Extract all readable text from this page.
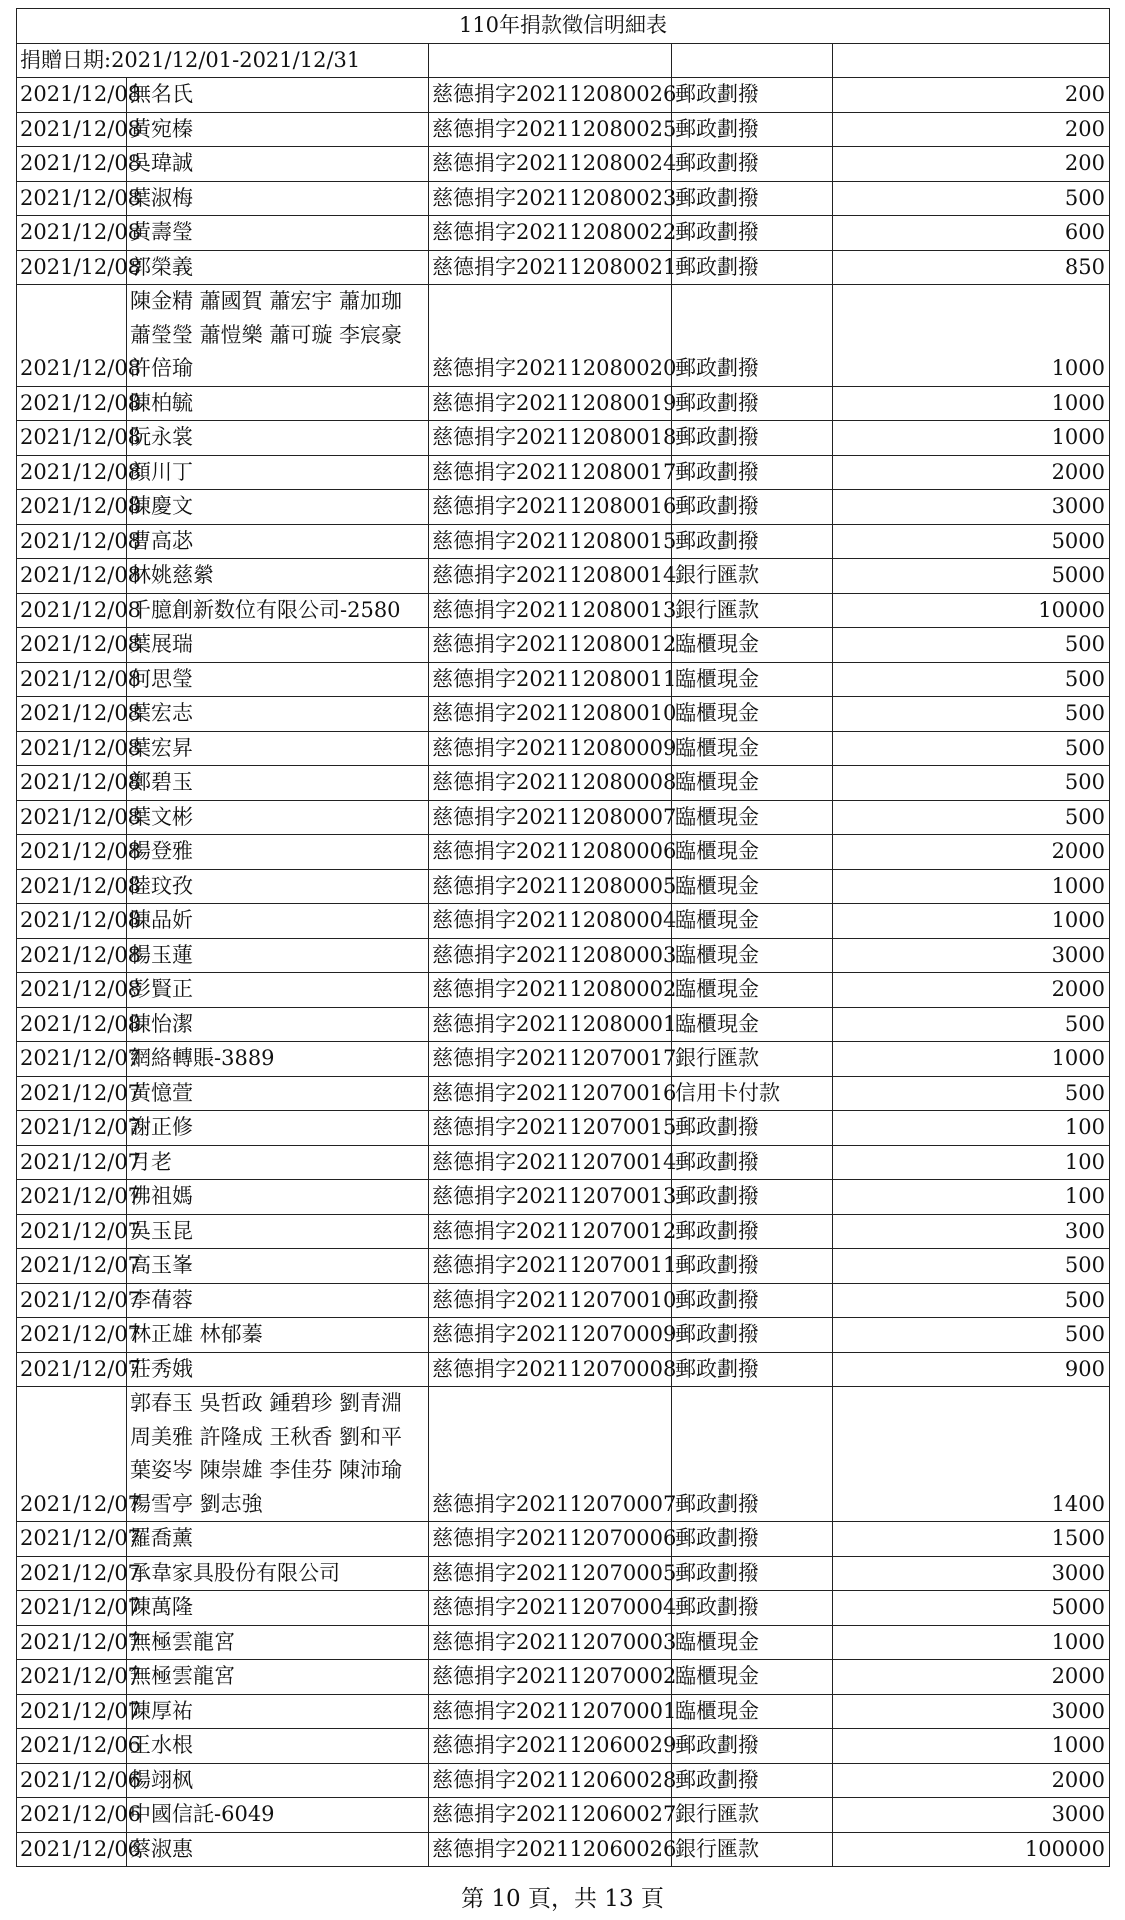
110年捐款徵信明細表				
捐贈日期:2021/12/01-2021/12/31				
2021/12/08	無名氏	慈德捐字202112080026	郵政劃撥	200
2021/12/08	黃宛榛	慈德捐字202112080025	郵政劃撥	200
2021/12/08	吳瑋誠	慈德捐字202112080024	郵政劃撥	200
2021/12/08	葉淑梅	慈德捐字202112080023	郵政劃撥	500
2021/12/08	黃壽瑩	慈德捐字202112080022	郵政劃撥	600
2021/12/08	郭榮義	慈德捐字202112080021	郵政劃撥	850
2021/12/08	陳金精 蕭國賀 蕭宏宇 蕭加珈 蕭瑩瑩 蕭愷樂 蕭可璇 李宸豪 許倍瑜	慈德捐字202112080020	郵政劃撥	1000
2021/12/08	陳柏毓	慈德捐字202112080019	郵政劃撥	1000
2021/12/08	阮永裳	慈德捐字202112080018	郵政劃撥	1000
2021/12/08	顏川丁	慈德捐字202112080017	郵政劃撥	2000
2021/12/08	陳慶文	慈德捐字202112080016	郵政劃撥	3000
2021/12/08	曹高苾	慈德捐字202112080015	郵政劃撥	5000
2021/12/08	林姚慈縈	慈德捐字202112080014	銀行匯款	5000
2021/12/08	千臆創新数位有限公司-2580	慈德捐字202112080013	銀行匯款	10000
2021/12/08	葉展瑞	慈德捐字202112080012	臨櫃現金	500
2021/12/08	何思瑩	慈德捐字202112080011	臨櫃現金	500
2021/12/08	葉宏志	慈德捐字202112080010	臨櫃現金	500
2021/12/08	葉宏昇	慈德捐字202112080009	臨櫃現金	500
2021/12/08	鄭碧玉	慈德捐字202112080008	臨櫃現金	500
2021/12/08	葉文彬	慈德捐字202112080007	臨櫃現金	500
2021/12/08	楊登雅	慈德捐字202112080006	臨櫃現金	2000
2021/12/08	陸玟孜	慈德捐字202112080005	臨櫃現金	1000
2021/12/08	陳品妡	慈德捐字202112080004	臨櫃現金	1000
2021/12/08	楊玉蓮	慈德捐字202112080003	臨櫃現金	3000
2021/12/08	彭賢正	慈德捐字202112080002	臨櫃現金	2000
2021/12/08	陳怡潔	慈德捐字202112080001	臨櫃現金	500
2021/12/07	網絡轉賬-3889	慈德捐字202112070017	銀行匯款	1000
2021/12/07	黃憶萱	慈德捐字202112070016	信用卡付款	500
2021/12/07	謝正修	慈德捐字202112070015	郵政劃撥	100
2021/12/07	月老	慈德捐字202112070014	郵政劃撥	100
2021/12/07	佛祖媽	慈德捐字202112070013	郵政劃撥	100
2021/12/07	吳玉昆	慈德捐字202112070012	郵政劃撥	300
2021/12/07	高玉峯	慈德捐字202112070011	郵政劃撥	500
2021/12/07	李蒨蓉	慈德捐字202112070010	郵政劃撥	500
2021/12/07	林正雄 林郁蓁	慈德捐字202112070009	郵政劃撥	500
2021/12/07	莊秀娥	慈德捐字202112070008	郵政劃撥	900
2021/12/07	郭春玉 吳哲政 鍾碧珍 劉青淵 周美雅 許隆成 王秋香 劉和平 葉姿岑 陳崇雄 李佳芬 陳沛瑜 楊雪亭 劉志強	慈德捐字202112070007	郵政劃撥	1400
2021/12/07	羅喬薰	慈德捐字202112070006	郵政劃撥	1500
2021/12/07	承韋家具股份有限公司	慈德捐字202112070005	郵政劃撥	3000
2021/12/07	陳萬隆	慈德捐字202112070004	郵政劃撥	5000
2021/12/07	無極雲龍宮	慈德捐字202112070003	臨櫃現金	1000
2021/12/07	無極雲龍宮	慈德捐字202112070002	臨櫃現金	2000
2021/12/07	陳厚祐	慈德捐字202112070001	臨櫃現金	3000
2021/12/06	王水根	慈德捐字202112060029	郵政劃撥	1000
2021/12/06	楊翊枫	慈德捐字202112060028	郵政劃撥	2000
2021/12/06	中國信託-6049	慈德捐字202112060027	銀行匯款	3000
2021/12/06	蔡淑惠	慈德捐字202112060026	銀行匯款	100000
第 10 頁，共 13 頁
